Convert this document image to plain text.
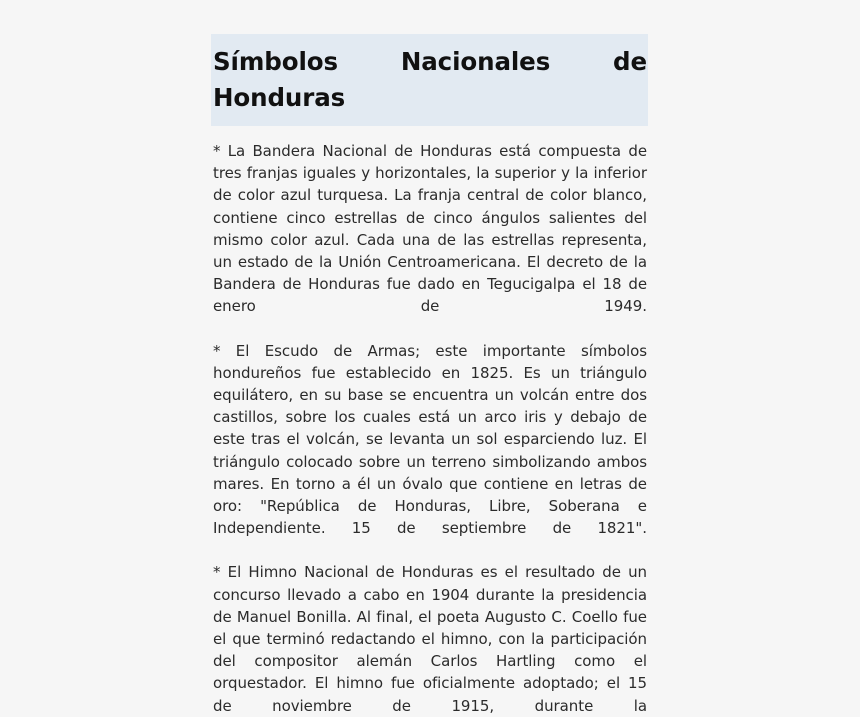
Símbolos Nacionales de Honduras

* La Bandera Nacional de Honduras está compuesta de tres franjas iguales y horizontales, la superior y la inferior de color azul turquesa. La franja central de color blanco, contiene cinco estrellas de cinco ángulos salientes del mismo color azul. Cada una de las estrellas representa, un estado de la Unión Centroamericana. El decreto de la Bandera de Honduras fue dado en Tegucigalpa el 18 de enero de 1949.

* El Escudo de Armas; este importante símbolos hondureños fue establecido en 1825. Es un triángulo equilátero, en su base se encuentra un volcán entre dos castillos, sobre los cuales está un arco iris y debajo de este tras el volcán, se levanta un sol esparciendo luz. El triángulo colocado sobre un terreno simbolizando ambos mares. En torno a él un óvalo que contiene en letras de oro: "República de Honduras, Libre, Soberana e Independiente. 15 de septiembre de 1821".

* El Himno Nacional de Honduras es el resultado de un concurso llevado a cabo en 1904 durante la presidencia de Manuel Bonilla. Al final, el poeta Augusto C. Coello fue el que terminó redactando el himno, con la participación del compositor alemán Carlos Hartling como el orquestador. El himno fue oficialmente adoptado; el 15 de noviembre de 1915, durante la
